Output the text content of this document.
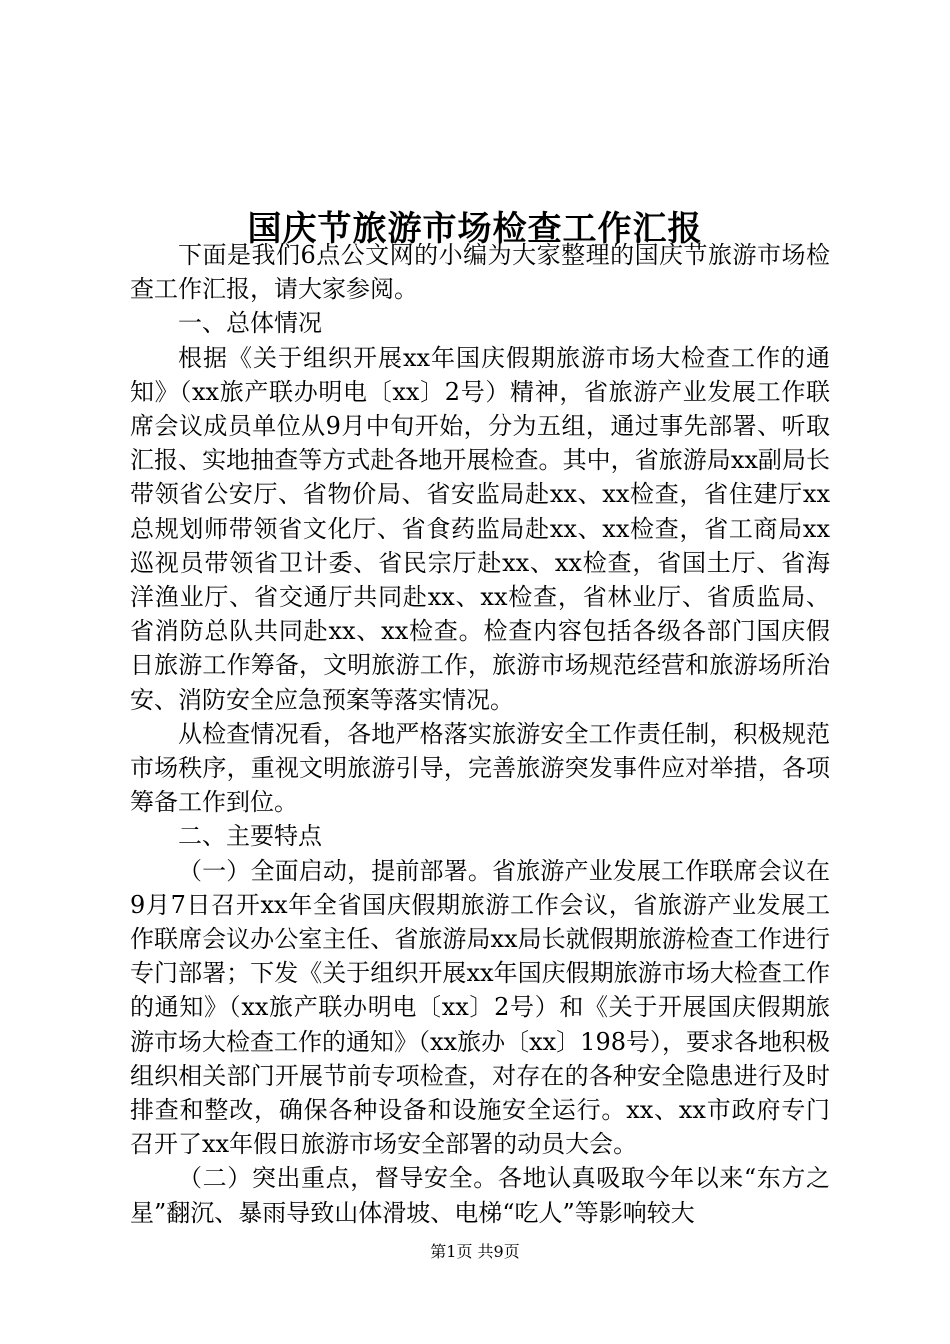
国庆节旅游市场检查工作汇报

下面是我们6点公文网的小编为大家整理的国庆节旅游市场检查工作汇报，请大家参阅。

一、总体情况

根据《关于组织开展xx年国庆假期旅游市场大检查工作的通知》（xx旅产联办明电〔xx〕2号）精神，省旅游产业发展工作联席会议成员单位从9月中旬开始，分为五组，通过事先部署、听取汇报、实地抽查等方式赴各地开展检查。其中，省旅游局xx副局长带领省公安厅、省物价局、省安监局赴xx、xx检查，省住建厅xx总规划师带领省文化厅、省食药监局赴xx、xx检查，省工商局xx巡视员带领省卫计委、省民宗厅赴xx、xx检查，省国土厅、省海洋渔业厅、省交通厅共同赴xx、xx检查，省林业厅、省质监局、省消防总队共同赴xx、xx检查。检查内容包括各级各部门国庆假日旅游工作筹备，文明旅游工作，旅游市场规范经营和旅游场所治安、消防安全应急预案等落实情况。

从检查情况看，各地严格落实旅游安全工作责任制，积极规范市场秩序，重视文明旅游引导，完善旅游突发事件应对举措，各项筹备工作到位。

二、主要特点

（一）全面启动，提前部署。省旅游产业发展工作联席会议在9月7日召开xx年全省国庆假期旅游工作会议，省旅游产业发展工作联席会议办公室主任、省旅游局xx局长就假期旅游检查工作进行专门部署；下发《关于组织开展xx年国庆假期旅游市场大检查工作的通知》（xx旅产联办明电〔xx〕2号）和《关于开展国庆假期旅游市场大检查工作的通知》（xx旅办〔xx〕198号），要求各地积极组织相关部门开展节前专项检查，对存在的各种安全隐患进行及时排查和整改，确保各种设备和设施安全运行。xx、xx市政府专门召开了xx年假日旅游市场安全部署的动员大会。

（二）突出重点，督导安全。各地认真吸取今年以来“东方之星”翻沉、暴雨导致山体滑坡、电梯“吃人”等影响较大

第1页 共9页
